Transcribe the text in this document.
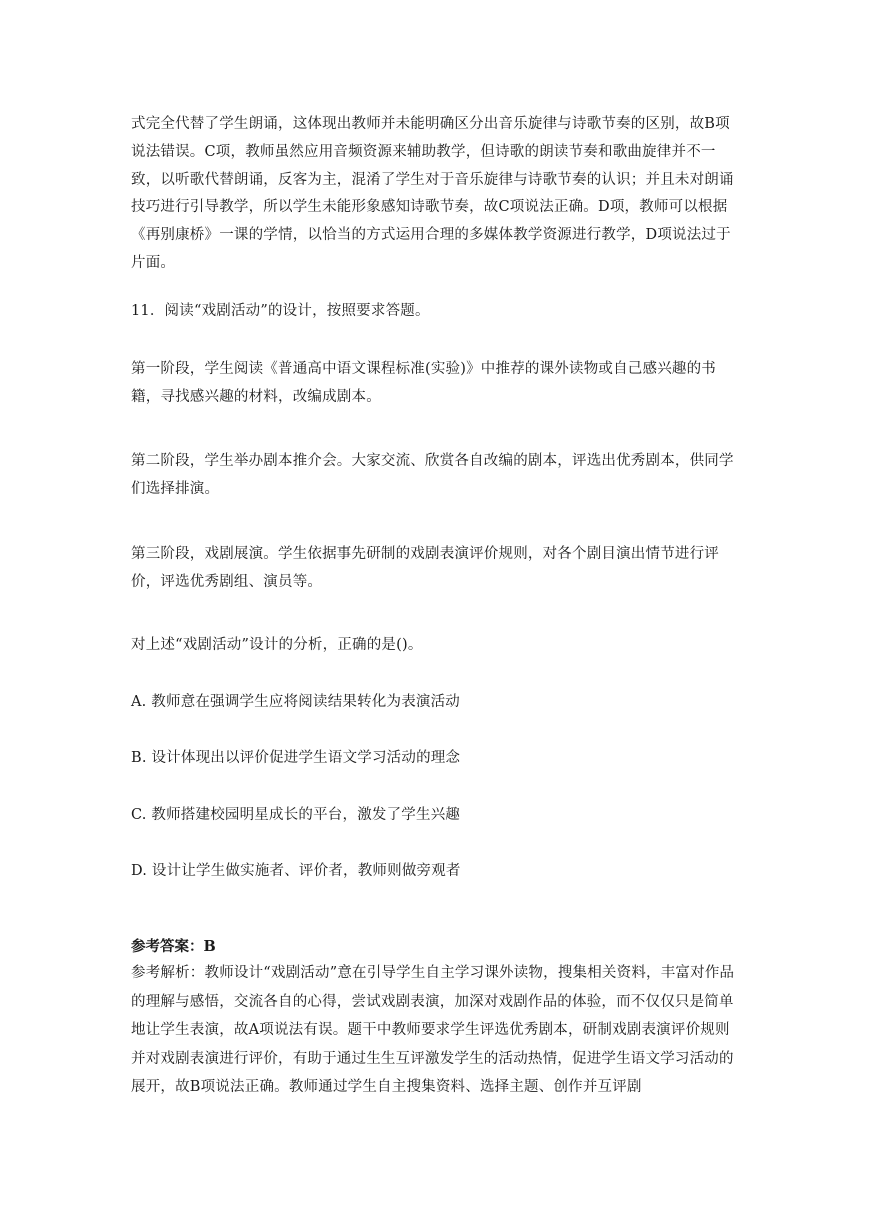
式完全代替了学生朗诵，这体现出教师并未能明确区分出音乐旋律与诗歌节奏的区别，故B项说法错误。C项，教师虽然应用音频资源来辅助教学，但诗歌的朗读节奏和歌曲旋律并不一致，以听歌代替朗诵，反客为主，混淆了学生对于音乐旋律与诗歌节奏的认识；并且未对朗诵技巧进行引导教学，所以学生未能形象感知诗歌节奏，故C项说法正确。D项，教师可以根据《再别康桥》一课的学情，以恰当的方式运用合理的多媒体教学资源进行教学，D项说法过于片面。

11．阅读“戏剧活动”的设计，按照要求答题。
第一阶段，学生阅读《普通高中语文课程标准(实验)》中推荐的课外读物或自己感兴趣的书籍，寻找感兴趣的材料，改编成剧本。
第二阶段，学生举办剧本推介会。大家交流、欣赏各自改编的剧本，评选出优秀剧本，供同学们选择排演。
第三阶段，戏剧展演。学生依据事先研制的戏剧表演评价规则，对各个剧目演出情节进行评价，评选优秀剧组、演员等。
对上述“戏剧活动”设计的分析，正确的是()。
A. 教师意在强调学生应将阅读结果转化为表演活动
B. 设计体现出以评价促进学生语文学习活动的理念
C. 教师搭建校园明星成长的平台，激发了学生兴趣
D. 设计让学生做实施者、评价者，教师则做旁观者
参考答案：B

参考解析：教师设计“戏剧活动”意在引导学生自主学习课外读物，搜集相关资料，丰富对作品的理解与感悟，交流各自的心得，尝试戏剧表演，加深对戏剧作品的体验，而不仅仅只是简单地让学生表演，故A项说法有误。题干中教师要求学生评选优秀剧本，研制戏剧表演评价规则并对戏剧表演进行评价，有助于通过生生互评激发学生的活动热情，促进学生语文学习活动的展开，故B项说法正确。教师通过学生自主搜集资料、选择主题、创作并互评剧
